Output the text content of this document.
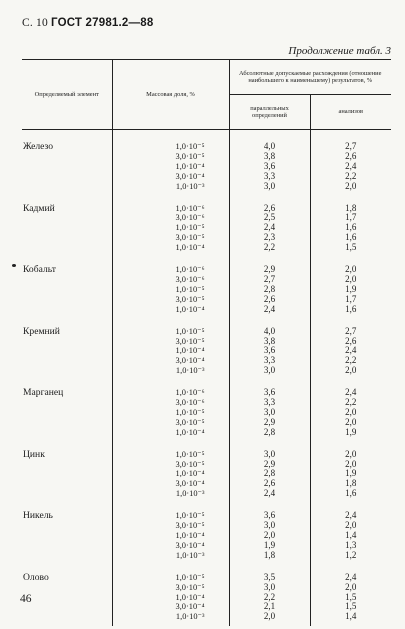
С. 10 ГОСТ 27981.2—88
Продолжение табл. 3
Определяемый элемент	Массовая доля, %	Абсолютные допускаемые расхождения (отношение наибольшего к наименьшему) результатов, %	
		параллельных определений	анализов

Железо	1,0·10⁻⁵	4,0	2,7
	3,0·10⁻⁵	3,8	2,6
	1,0·10⁻⁴	3,6	2,4
	3,0·10⁻⁴	3,3	2,2
	1,0·10⁻³	3,0	2,0

Кадмий	1,0·10⁻⁶	2,6	1,8
	3,0·10⁻⁶	2,5	1,7
	1,0·10⁻⁵	2,4	1,6
	3,0·10⁻⁵	2,3	1,6
	1,0·10⁻⁴	2,2	1,5

Кобальт	1,0·10⁻⁶	2,9	2,0
	3,0·10⁻⁶	2,7	2,0
	1,0·10⁻⁵	2,8	1,9
	3,0·10⁻⁵	2,6	1,7
	1,0·10⁻⁴	2,4	1,6

Кремний	1,0·10⁻⁵	4,0	2,7
	3,0·10⁻⁵	3,8	2,6
	1,0·10⁻⁴	3,6	2,4
	3,0·10⁻⁴	3,3	2,2
	1,0·10⁻³	3,0	2,0

Марганец	1,0·10⁻⁶	3,6	2,4
	3,0·10⁻⁶	3,3	2,2
	1,0·10⁻⁵	3,0	2,0
	3,0·10⁻⁵	2,9	2,0
	1,0·10⁻⁴	2,8	1,9

Цинк	1,0·10⁻⁵	3,0	2,0
	3,0·10⁻⁵	2,9	2,0
	1,0·10⁻⁴	2,8	1,9
	3,0·10⁻⁴	2,6	1,8
	1,0·10⁻³	2,4	1,6

Никель	1,0·10⁻⁵	3,6	2,4
	3,0·10⁻⁵	3,0	2,0
	1,0·10⁻⁴	2,0	1,4
	3,0·10⁻⁴	1,9	1,3
	1,0·10⁻³	1,8	1,2

Олово	1,0·10⁻⁵	3,5	2,4
	3,0·10⁻⁵	3,0	2,0
	1,0·10⁻⁴	2,2	1,5
	3,0·10⁻⁴	2,1	1,5
	1,0·10⁻³	2,0	1,4

46
